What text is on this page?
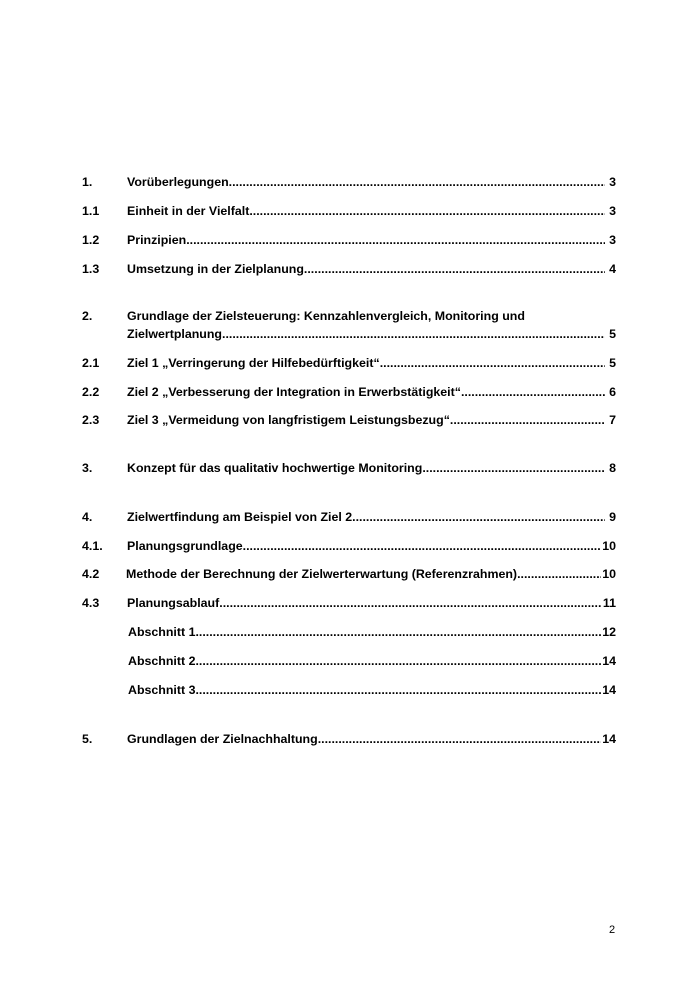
1.	Vorüberlegungen .....	3
1.1 Einheit in der Vielfalt .....	3
1.2 Prinzipien .....	3
1.3 Umsetzung in der Zielplanung .....	4
2.	Grundlage der Zielsteuerung: Kennzahlenvergleich, Monitoring und
Zielwertplanung .....	5
2.1 Ziel 1 „Verringerung der Hilfebedürftigkeit“ .....	5
2.2 Ziel 2 „Verbesserung der Integration in Erwerbstätigkeit“ .....	6
2.3 Ziel 3 „Vermeidung von langfristigem Leistungsbezug“ .....	7
3.	Konzept für das qualitativ hochwertige Monitoring .....	8
4.	Zielwertfindung am Beispiel von Ziel 2 .....	9
4.1. Planungsgrundlage .....	10
4.2 Methode der Berechnung der Zielwerterwartung (Referenzrahmen) .....	10
4.3 Planungsablauf .....	11
Abschnitt 1 .....	12
Abschnitt 2 .....	14
Abschnitt 3 .....	14
5.	Grundlagen der Zielnachhaltung .....	14
2
